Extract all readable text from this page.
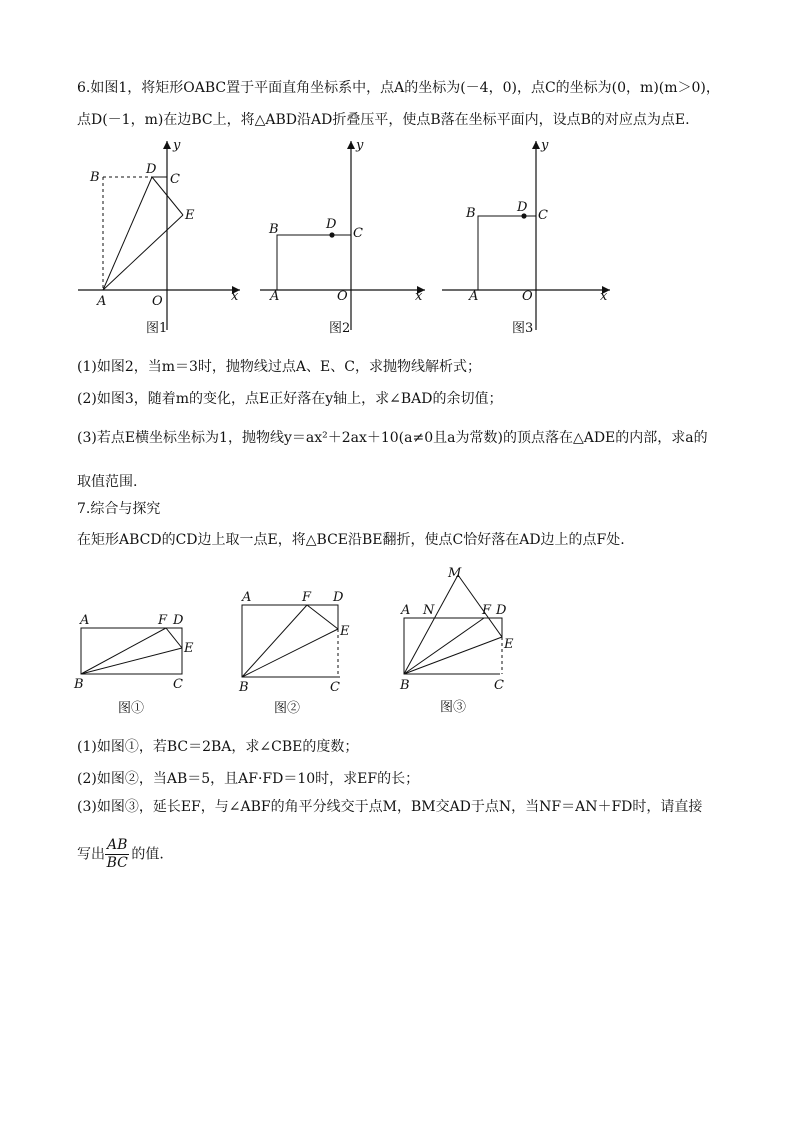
6.如图1，将矩形OABC置于平面直角坐标系中，点A的坐标为(－4，0)，点C的坐标为(0，m)(m＞0)，
点D(－1，m)在边BC上，将△ABD沿AD折叠压平，使点B落在坐标平面内，设点B的对应点为点E.
B
D
C
E
y
A	O	x
图1
y
D
B	C
A	O	x
图2
y
B	D
C
A	O	x
图3
(1)如图2，当m＝3时，抛物线过点A、E、C，求抛物线解析式；
(2)如图3，随着m的变化，点E正好落在y轴上，求∠BAD的余切值；
(3)若点E横坐标坐标为1，抛物线y＝ax²＋2ax＋10(a≠0且a为常数)的顶点落在△ADE的内部，求a的
取值范围.
7.综合与探究
在矩形ABCD的CD边上取一点E，将△BCE沿BE翻折，使点C恰好落在AD边上的点F处.
A	F D
E
B	C
图①
A	F D
E
B	C
图②
M
A N	F D
E
B	C
图③
(1)如图①，若BC＝2BA，求∠CBE的度数；
(2)如图②，当AB＝5，且AF·FD＝10时，求EF的长；
(3)如图③，延长EF，与∠ABF的角平分线交于点M，BM交AD于点N，当NF＝AN＋FD时，请直接
写出 $\frac{AB}{BC}$ 的值.
